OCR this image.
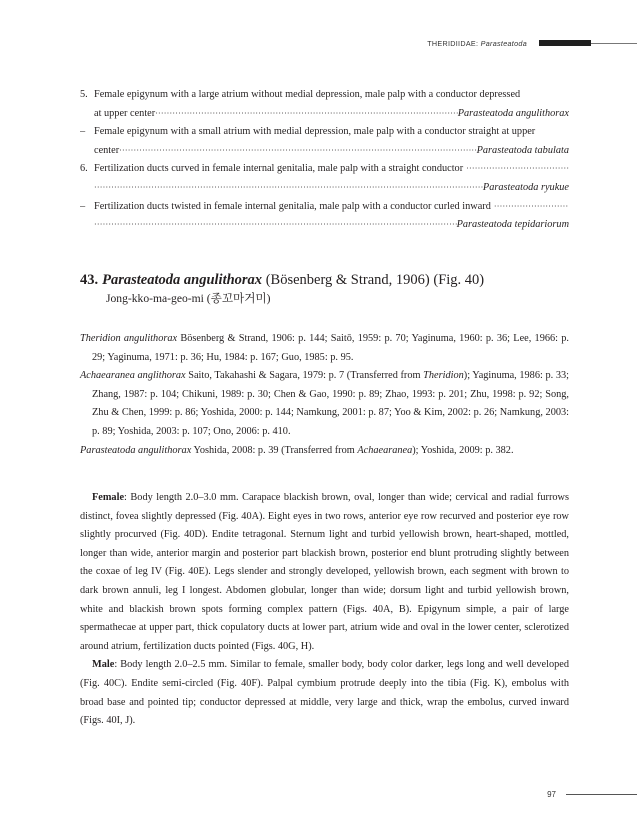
THERIDIIDAE: Parasteatoda
5. Female epigynum with a large atrium without medial depression, male palp with a conductor depressed
at upper center ·····	Parasteatoda angulithorax
– Female epigynum with a small atrium with medial depression, male palp with a conductor straight at upper
center ·····	Parasteatoda tabulata
6. Fertilization ducts curved in female internal genitalia, male palp with a straight conductor
·····
·····
Parasteatoda ryukue
– Fertilization ducts twisted in female internal genitalia, male palp with a conductor curled inward
·····
·····
Parasteatoda tepidariorum
43. Parasteatoda angulithorax (Bösenberg & Strand, 1906) (Fig. 40)
Jong-kko-ma-geo-mi (종꼬마거미)
Theridion angulithorax Bösenberg & Strand, 1906: p. 144; Saitō, 1959: p. 70; Yaginuma, 1960: p. 36; Lee, 1966: p. 29; Yaginuma, 1971: p. 36; Hu, 1984: p. 167; Guo, 1985: p. 95.
Achaearanea anglithorax Saito, Takahashi & Sagara, 1979: p. 7 (Transferred from Theridion); Yaginuma, 1986: p. 33; Zhang, 1987: p. 104; Chikuni, 1989: p. 30; Chen & Gao, 1990: p. 89; Zhao, 1993: p. 201; Zhu, 1998: p. 92; Song, Zhu & Chen, 1999: p. 86; Yoshida, 2000: p. 144; Namkung, 2001: p. 87; Yoo & Kim, 2002: p. 26; Namkung, 2003: p. 89; Yoshida, 2003: p. 107; Ono, 2006: p. 410.
Parasteatoda angulithorax Yoshida, 2008: p. 39 (Transferred from Achaearanea); Yoshida, 2009: p. 382.

Female: Body length 2.0–3.0 mm. Carapace blackish brown, oval, longer than wide; cervical and radial furrows distinct, fovea slightly depressed (Fig. 40A). Eight eyes in two rows, anterior eye row recurved and posterior eye row slightly procurved (Fig. 40D). Endite tetragonal. Sternum light and turbid yellowish brown, heart-shaped, mottled, longer than wide, anterior margin and posterior part blackish brown, posterior end blunt protruding slightly between the coxae of leg IV (Fig. 40E). Legs slender and strongly developed, yellowish brown, each segment with brown to dark brown annuli, leg I longest. Abdomen globular, longer than wide; dorsum light and turbid yellowish brown, white and blackish brown spots forming complex pattern (Figs. 40A, B). Epigynum simple, a pair of large spermathecae at upper part, thick copulatory ducts at lower part, atrium wide and oval in the lower center, sclerotized around atrium, fertilization ducts pointed (Figs. 40G, H).

Male: Body length 2.0–2.5 mm. Similar to female, smaller body, body color darker, legs long and well developed (Fig. 40C). Endite semi-circled (Fig. 40F). Palpal cymbium protrude deeply into the tibia (Fig. K), embolus with broad base and pointed tip; conductor depressed at middle, very large and thick, wrap the embolus, curved inward (Figs. 40I, J).

97
